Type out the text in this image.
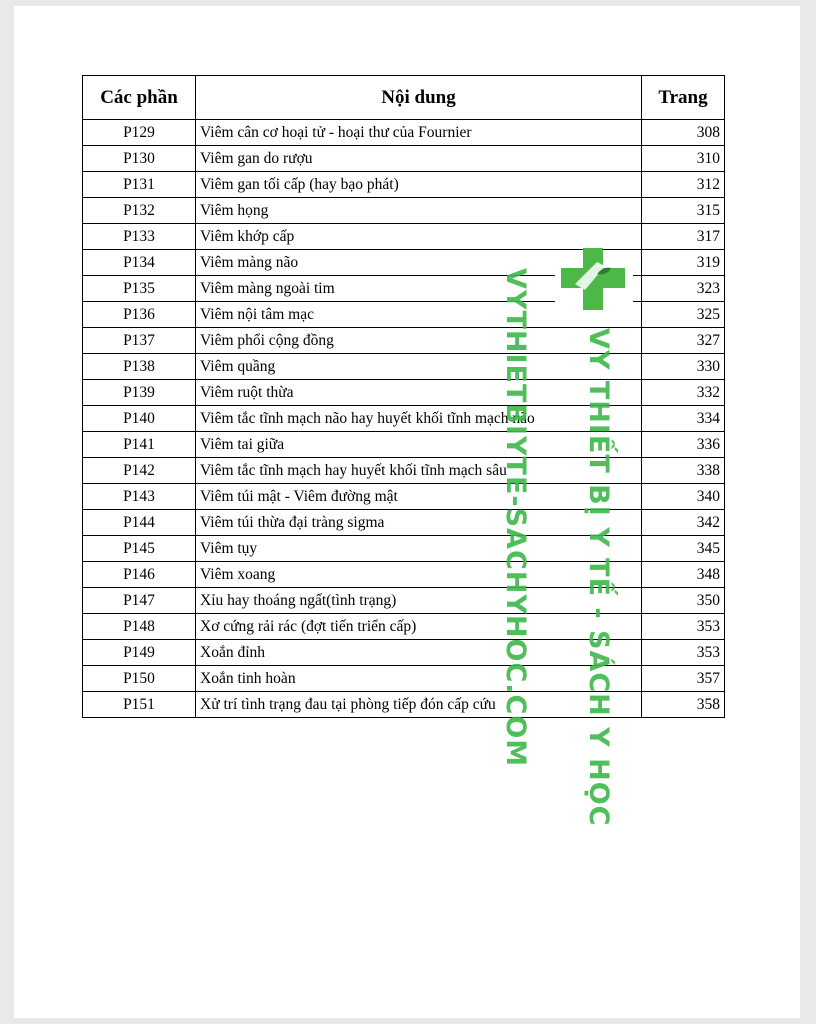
Các phần	Nội dung	Trang
P129	Viêm cân cơ hoại tử - hoại thư của Fournier	308
P130	Viêm gan do rượu	310
P131	Viêm gan tối cấp (hay bạo phát)	312
P132	Viêm họng	315
P133	Viêm khớp cấp	317
P134	Viêm màng não	319
P135	Viêm màng ngoài tim	323
P136	Viêm nội tâm mạc	325
P137	Viêm phổi cộng đồng	327
P138	Viêm quầng	330
P139	Viêm ruột thừa	332
P140	Viêm tắc tĩnh mạch não hay huyết khối tĩnh mạch não	334
P141	Viêm tai giữa	336
P142	Viêm tắc tĩnh mạch hay huyết khối tĩnh mạch sâu	338
P143	Viêm túi mật - Viêm đường mật	340
P144	Viêm túi thừa đại tràng sigma	342
P145	Viêm tụy	345
P146	Viêm xoang	348
P147	Xỉu hay thoáng ngất(tình trạng)	350
P148	Xơ cứng rải rác (đợt tiến triển cấp)	353
P149	Xoắn đỉnh	353
P150	Xoắn tinh hoàn	357
P151	Xử trí tình trạng đau tại phòng tiếp đón cấp cứu	358
VYTHIETBIYTE-SACHYHOC.COM VY THIẾT BỊ Y TẾ - SÁCH Y HỌC
